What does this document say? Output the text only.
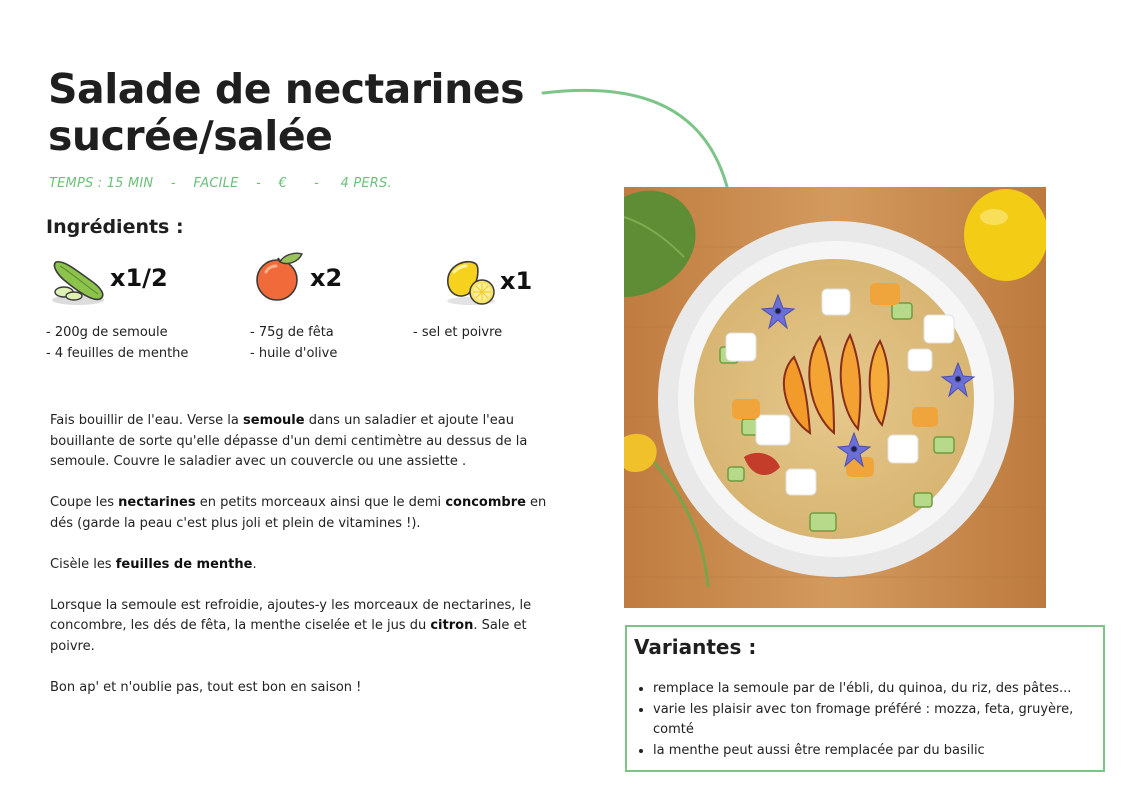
Salade de nectarines
sucrée/salée
TEMPS : 15 MIN - FACILE - € - 4 PERS.
Ingrédients :
x1/2	x2	x1
- 200g de semoule
- 4 feuilles de menthe
- 75g de fêta
- huile d'olive
- sel et poivre

Fais bouillir de l'eau. Verse la semoule dans un saladier et ajoute l'eau bouillante de sorte qu'elle dépasse d'un demi centimètre au dessus de la semoule. Couvre le saladier avec un couvercle ou une assiette .

Coupe les nectarines en petits morceaux ainsi que le demi concombre en dés (garde la peau c'est plus joli et plein de vitamines !).

Cisèle les feuilles de menthe.

Lorsque la semoule est refroidie, ajoutes-y les morceaux de nectarines, le concombre, les dés de fêta, la menthe ciselée et le jus du citron. Sale et poivre.

Bon ap' et n'oublie pas, tout est bon en saison !

Variantes :
• remplace la semoule par de l'ébli, du quinoa, du riz, des pâtes...
• varie les plaisir avec ton fromage préféré : mozza, feta, gruyère, comté
• la menthe peut aussi être remplacée par du basilic
